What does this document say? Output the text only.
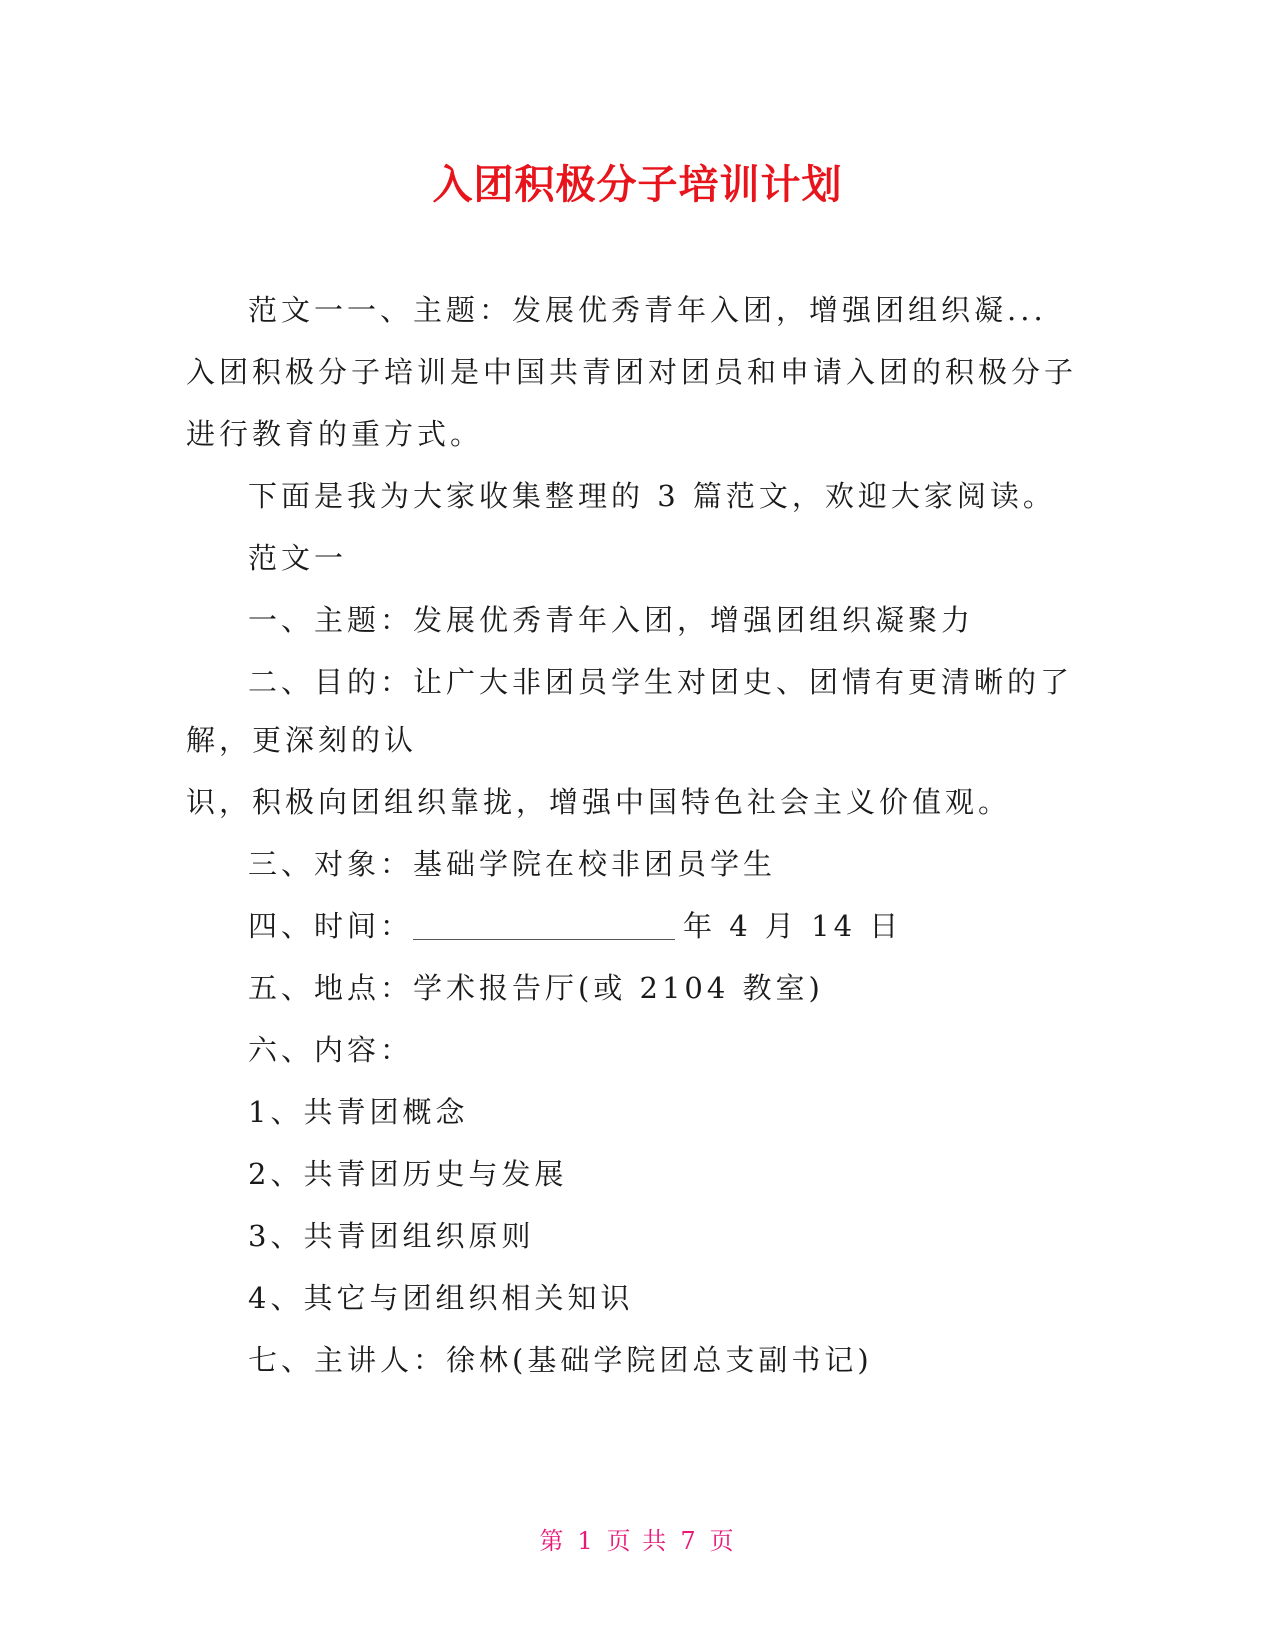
入团积极分子培训计划
范文一一、主题：发展优秀青年入团，增强团组织凝...
入团积极分子培训是中国共青团对团员和申请入团的积极分子
进行教育的重方式。
下面是我为大家收集整理的 3 篇范文，欢迎大家阅读。
范文一
一、主题：发展优秀青年入团，增强团组织凝聚力
二、目的：让广大非团员学生对团史、团情有更清晰的了
解，更深刻的认
识，积极向团组织靠拢，增强中国特色社会主义价值观。
三、对象：基础学院在校非团员学生
四、时间：	年 4 月 14 日
五、地点：学术报告厅(或 2104 教室)
六、内容：
1、共青团概念
2、共青团历史与发展
3、共青团组织原则
4、其它与团组织相关知识
七、主讲人：徐林(基础学院团总支副书记)
第 1 页 共 7 页
